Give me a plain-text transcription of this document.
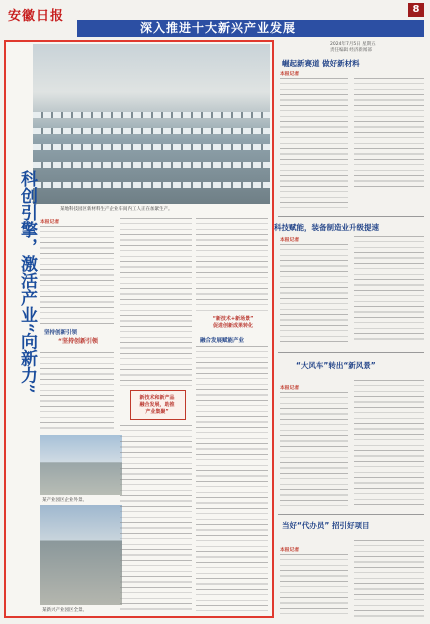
安徽日报	8
深入推进十大新兴产业发展
2024年7月5日 星期五
责任编辑 经济新闻部
某地科技园区新材料生产企业车间内工人正在加紧生产。
科创引擎，激活产业“向新力” 本报记者
坚持创新引领
“坚持创新引领
某产业园区企业外景。
某新兴产业园区全景。
新技术和新产品
融合发展，助推
产业集聚”
“新技术+新场景”
促进创新成果转化
融合发展赋能产业
崛起新赛道 做好新材料
本报记者
科技赋能，装备制造业升级提速
本报记者
“大风车”转出“新风景”
本报记者
当好“代办员” 招引好项目
本报记者
